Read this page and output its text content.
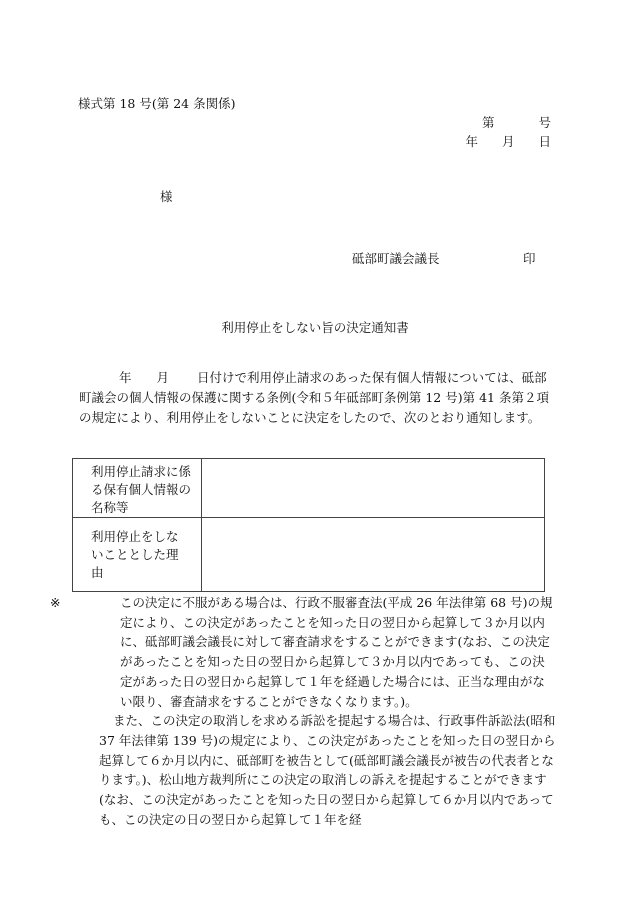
様式第 18 号(第 24 条関係)
第	号
年 月 日
様
砥部町議会議長	印
利用停止をしない旨の決定通知書

年　　月 日付けで利用停止請求のあった保有個人情報については、砥部町議会の個人情報の保護に関する条例(令和５年砥部町条例第 12 号)第 41 条第２項の規定により、利用停止をしないことに決定をしたので、次のとおり通知します。

利用停止請求に係る保有個人情報の名称等	

利用停止をしないこととした理由	

※	この決定に不服がある場合は、行政不服審査法(平成 26 年法律第 68 号)の規定により、この決定があったことを知った日の翌日から起算して３か月以内に、砥部町議会議長に対して審査請求をすることができます(なお、この決定があったことを知った日の翌日から起算して３か月以内であっても、この決定があった日の翌日から起算して１年を経過した場合には、正当な理由がない限り、審査請求をすることができなくなります。)。

また、この決定の取消しを求める訴訟を提起する場合は、行政事件訴訟法(昭和 37 年法律第 139 号)の規定により、この決定があったことを知った日の翌日から起算して６か月以内に、砥部町を被告として(砥部町議会議長が被告の代表者となります。)、松山地方裁判所にこの決定の取消しの訴えを提起することができます(なお、この決定があったことを知った日の翌日から起算して６か月以内であっても、この決定の日の翌日から起算して１年を経
